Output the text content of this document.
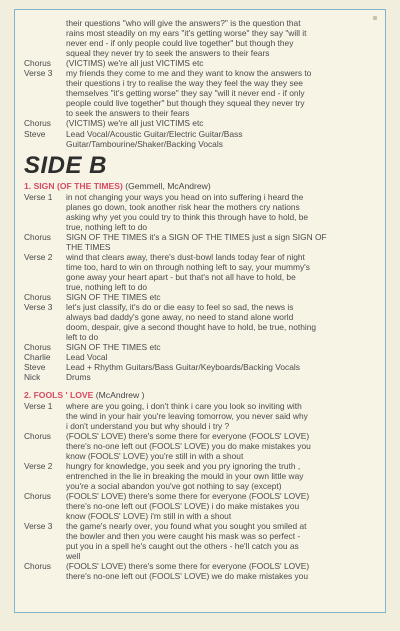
their questions "who will give the answers?" is the question that
rains most steadily on my ears "it's getting worse" they say "will it
never end - if only people could live together" but though they
squeal they never try to seek the answers to their fears
Chorus	(VICTIMS) we're all just VICTIMS etc
Verse 3	my friends they come to me and they want to know the answers to
their questions i try to realise the way they feel the way they see
themselves "it's getting worse" they say "will it never end - if only
people could live together" but though they squeal they never try
to seek the answers to their fears
Chorus	(VICTIMS) we're all just VICTIMS etc
Steve	Lead Vocal/Acoustic Guitar/Electric Guitar/Bass
Guitar/Tambourine/Shaker/Backing Vocals
SIDE B
1. SIGN (OF THE TIMES) (Gemmell, McAndrew)
Verse 1	in not changing your ways you head on into suffering i heard the
planes go down, took another risk hear the mothers cry nations
asking why yet you could try to think this through have to hold, be
true, nothing left to do
Chorus	SIGN OF THE TIMES it's a SIGN OF THE TIMES just a sign SIGN OF
THE TIMES
Verse 2	wind that clears away, there's dust-bowl lands today fear of night
time too, hard to win on through nothing left to say, your mummy's
gone away your heart apart - but that's not all have to hold, be
true, nothing left to do
Chorus	SIGN OF THE TIMES etc
Verse 3	let's just classify, it's do or die easy to feel so sad, the news is
always bad daddy's gone away, no need to stand alone world
doom, despair, give a second thought have to hold, be true, nothing
left to do
Chorus	SIGN OF THE TIMES etc
Charlie	Lead Vocal
Steve	Lead + Rhythm Guitars/Bass Guitar/Keyboards/Backing Vocals
Nick	Drums
2. FOOLS ' LOVE (McAndrew )
Verse 1	where are you going, i don't think i care you look so inviting with
the wind in your hair you're leaving tomorrow, you never said why
i don't understand you but why should i try ?
Chorus	(FOOLS' LOVE) there's some there for everyone (FOOLS' LOVE)
there's no-one left out (FOOLS' LOVE) you do make mistakes you
know (FOOLS' LOVE) you're still in with a shout
Verse 2	hungry for knowledge, you seek and you pry ignoring the truth ,
entrenched in the lie in breaking the mould in your own little way
you're a social abandon you've got nothing to say (except)
Chorus	(FOOLS' LOVE) there's some there for everyone (FOOLS' LOVE)
there's no-one left out (FOOLS' LOVE) i do make mistakes you
know (FOOLS' LOVE) i'm still in with a shout
Verse 3	the game's nearly over, you found what you sought you smiled at
the bowler and then you were caught his mask was so perfect -
put you in a spell he's caught out the others - he'll catch you as
well
Chorus	(FOOLS' LOVE) there's some there for everyone (FOOLS' LOVE)
there's no-one left out (FOOLS' LOVE) we do make mistakes you
